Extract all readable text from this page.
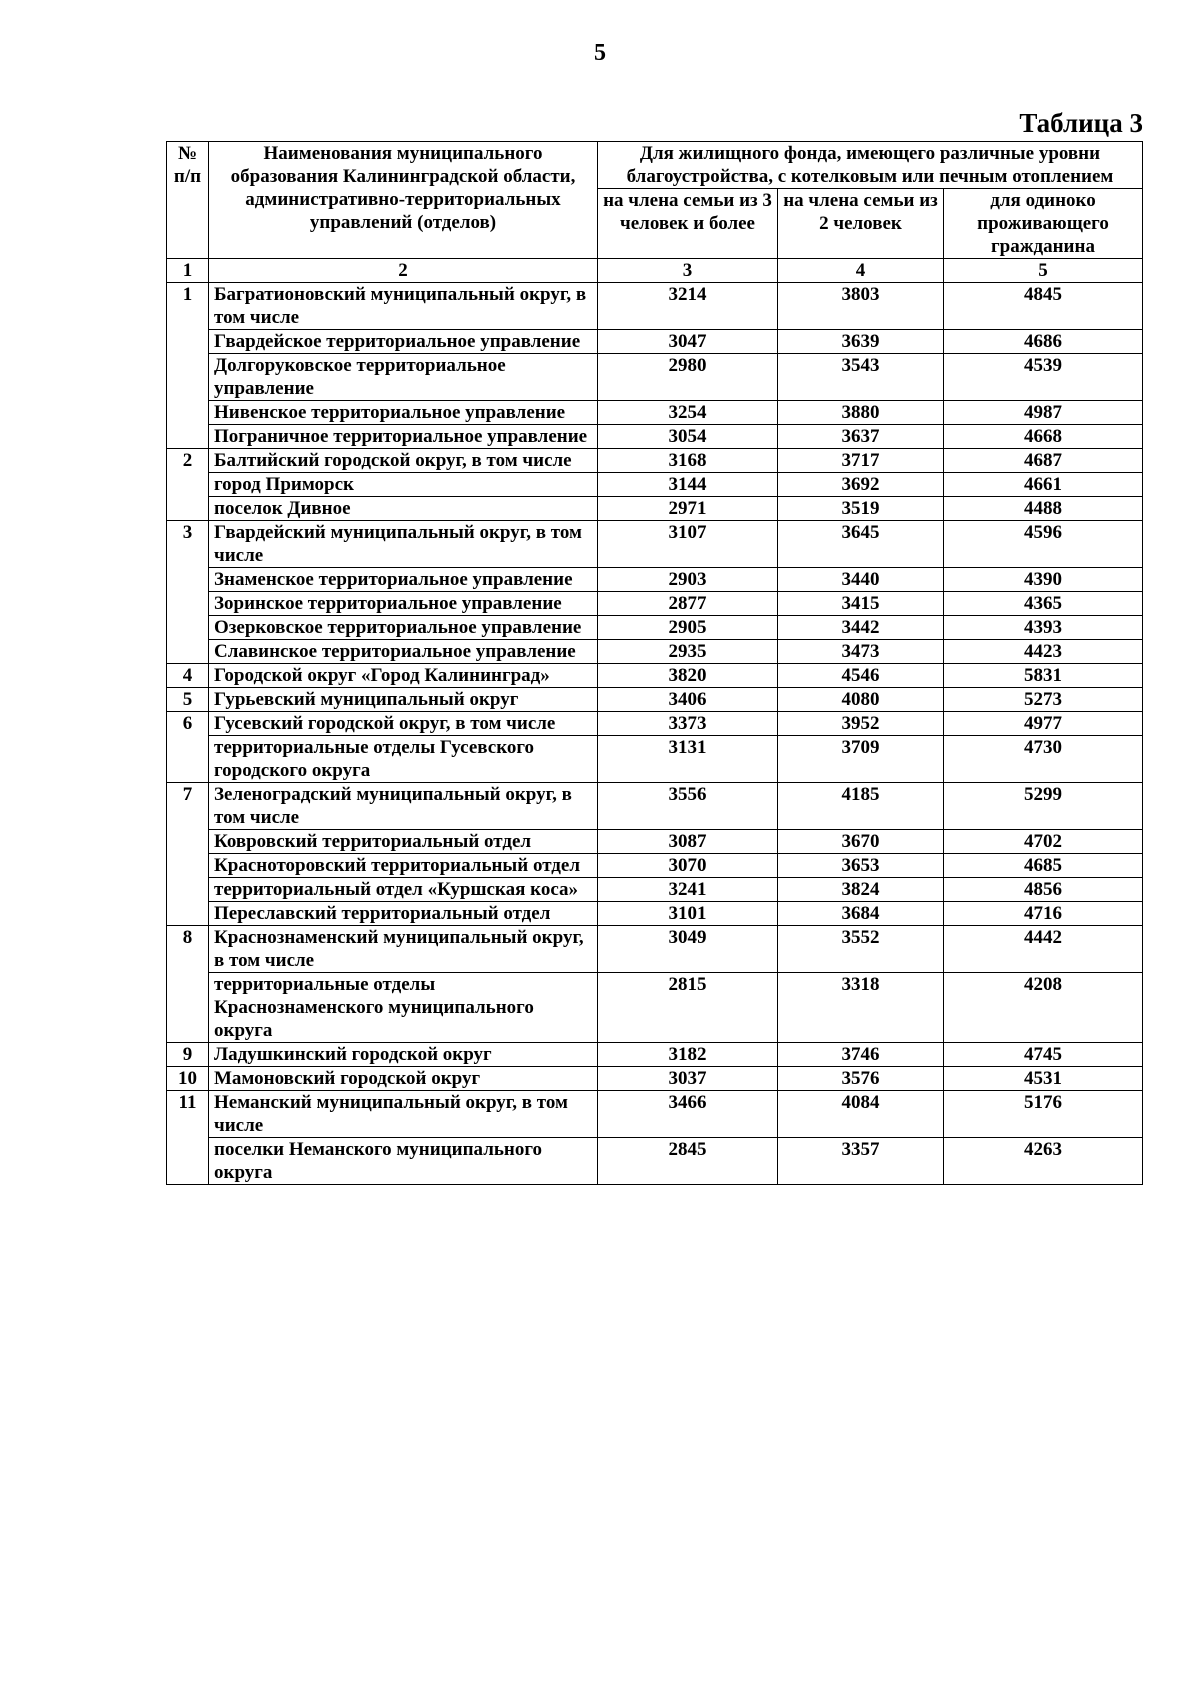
5
Таблица 3
№ п/п	Наименования муниципального образования Калининградской области, административно-территориальных управлений (отделов)	Для жилищного фонда, имеющего различные уровни благоустройства, с котелковым или печным отоплением		
		на члена семьи из 3 человек и более	на члена семьи из 2 человек	для одиноко проживающего гражданина
1	2	3	4	5
1	Багратионовский муниципальный округ, в том числе	3214	3803	4845
	Гвардейское территориальное управление	3047	3639	4686
	Долгоруковское территориальное управление	2980	3543	4539
	Нивенское территориальное управление	3254	3880	4987
	Пограничное территориальное управление	3054	3637	4668
2	Балтийский городской округ, в том числе	3168	3717	4687
	город Приморск	3144	3692	4661
	поселок Дивное	2971	3519	4488
3	Гвардейский муниципальный округ, в том числе	3107	3645	4596
	Знаменское территориальное управление	2903	3440	4390
	Зоринское территориальное управление	2877	3415	4365
	Озерковское территориальное управление	2905	3442	4393
	Славинское территориальное управление	2935	3473	4423
4	Городской округ «Город Калининград»	3820	4546	5831
5	Гурьевский муниципальный округ	3406	4080	5273
6	Гусевский городской округ, в том числе	3373	3952	4977
	территориальные отделы Гусевского городского округа	3131	3709	4730
7	Зеленоградский муниципальный округ, в том числе	3556	4185	5299
	Ковровский территориальный отдел	3087	3670	4702
	Красноторовский территориальный отдел	3070	3653	4685
	территориальный отдел «Куршская коса»	3241	3824	4856
	Переславский территориальный отдел	3101	3684	4716
8	Краснознаменский муниципальный округ, в том числе	3049	3552	4442
	территориальные отделы Краснознаменского муниципального округа	2815	3318	4208
9	Ладушкинский городской округ	3182	3746	4745
10	Мамоновский городской округ	3037	3576	4531
11	Неманский муниципальный округ, в том числе	3466	4084	5176
	поселки Неманского муниципального округа	2845	3357	4263
